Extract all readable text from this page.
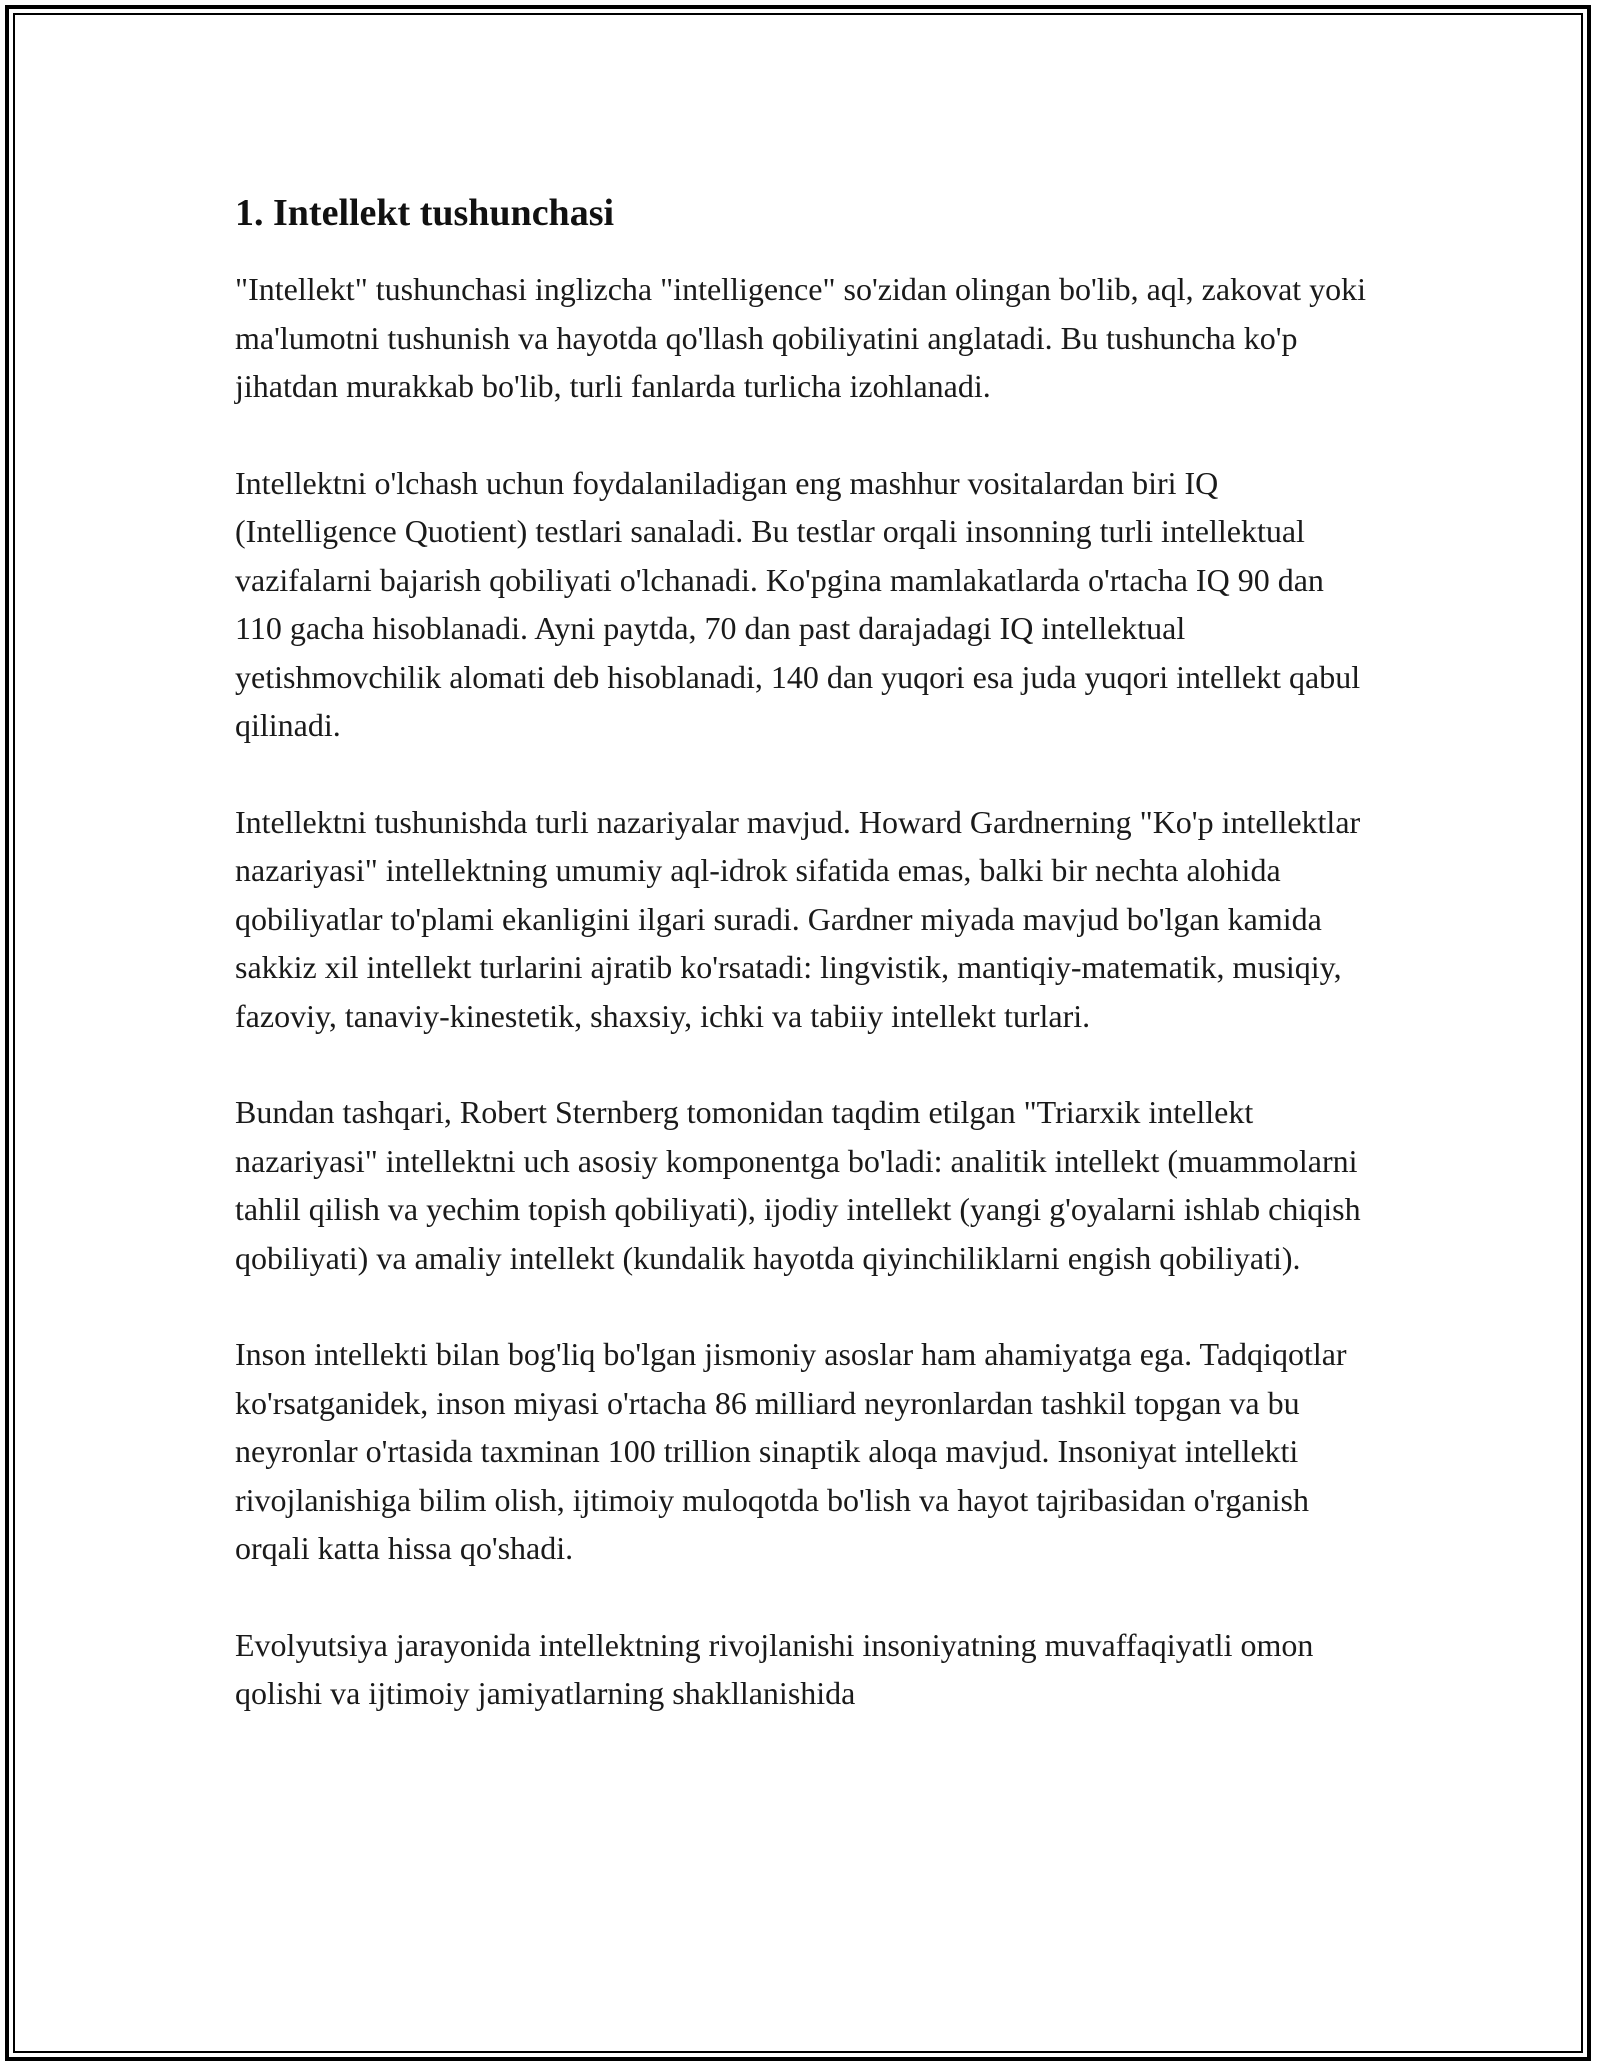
1. Intellekt tushunchasi

"Intellekt" tushunchasi inglizcha "intelligence" so'zidan olingan bo'lib, aql, zakovat yoki ma'lumotni tushunish va hayotda qo'llash qobiliyatini anglatadi. Bu tushuncha ko'p jihatdan murakkab bo'lib, turli fanlarda turlicha izohlanadi.

Intellektni o'lchash uchun foydalaniladigan eng mashhur vositalardan biri IQ (Intelligence Quotient) testlari sanaladi. Bu testlar orqali insonning turli intellektual vazifalarni bajarish qobiliyati o'lchanadi. Ko'pgina mamlakatlarda o'rtacha IQ 90 dan 110 gacha hisoblanadi. Ayni paytda, 70 dan past darajadagi IQ intellektual yetishmovchilik alomati deb hisoblanadi, 140 dan yuqori esa juda yuqori intellekt qabul qilinadi.

Intellektni tushunishda turli nazariyalar mavjud. Howard Gardnerning "Ko'p intellektlar nazariyasi" intellektning umumiy aql-idrok sifatida emas, balki bir nechta alohida qobiliyatlar to'plami ekanligini ilgari suradi. Gardner miyada mavjud bo'lgan kamida sakkiz xil intellekt turlarini ajratib ko'rsatadi: lingvistik, mantiqiy-matematik, musiqiy, fazoviy, tanaviy-kinestetik, shaxsiy, ichki va tabiiy intellekt turlari.

Bundan tashqari, Robert Sternberg tomonidan taqdim etilgan "Triarxik intellekt nazariyasi" intellektni uch asosiy komponentga bo'ladi: analitik intellekt (muammolarni tahlil qilish va yechim topish qobiliyati), ijodiy intellekt (yangi g'oyalarni ishlab chiqish qobiliyati) va amaliy intellekt (kundalik hayotda qiyinchiliklarni engish qobiliyati).

Inson intellekti bilan bog'liq bo'lgan jismoniy asoslar ham ahamiyatga ega. Tadqiqotlar ko'rsatganidek, inson miyasi o'rtacha 86 milliard neyronlardan tashkil topgan va bu neyronlar o'rtasida taxminan 100 trillion sinaptik aloqa mavjud. Insoniyat intellekti rivojlanishiga bilim olish, ijtimoiy muloqotda bo'lish va hayot tajribasidan o'rganish orqali katta hissa qo'shadi.

Evolyutsiya jarayonida intellektning rivojlanishi insoniyatning muvaffaqiyatli omon qolishi va ijtimoiy jamiyatlarning shakllanishida
